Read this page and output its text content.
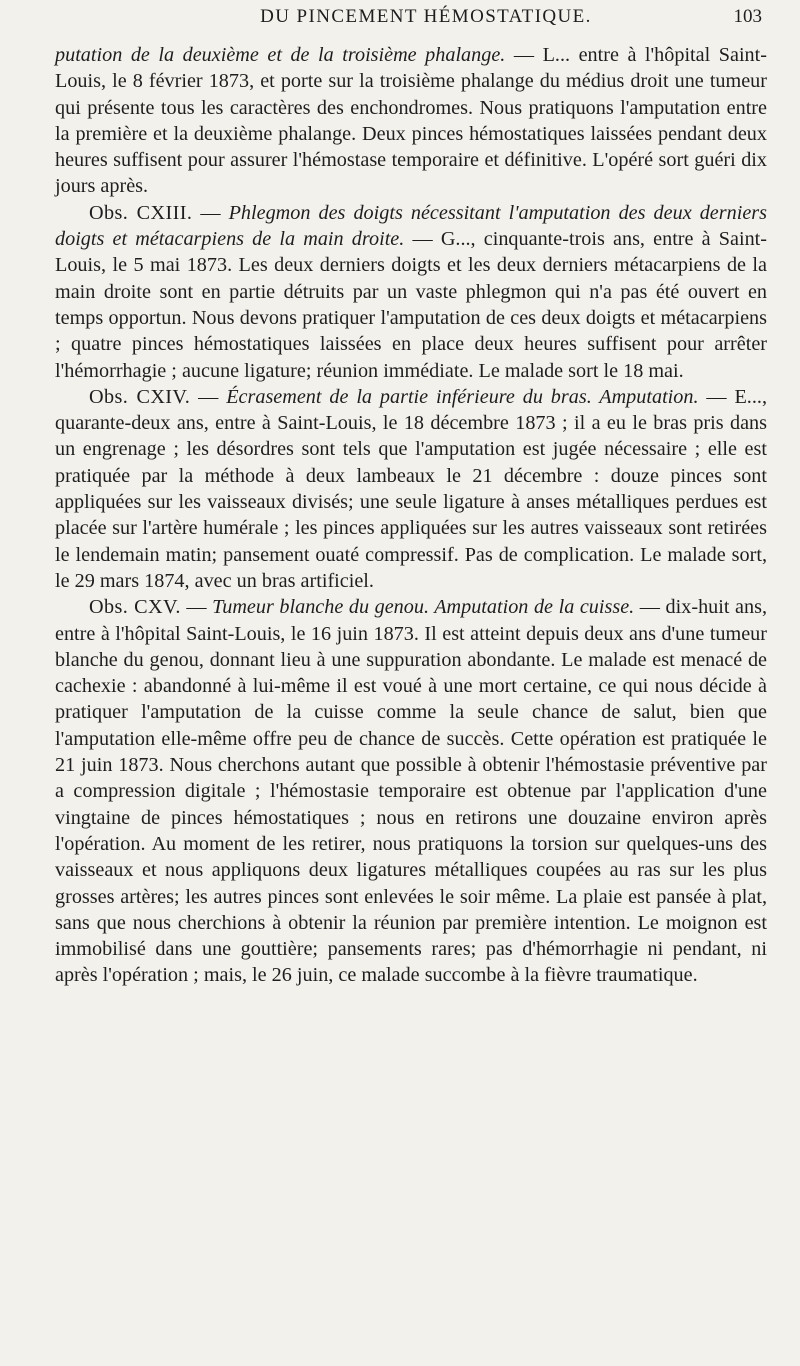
DU PINCEMENT HÉMOSTATIQUE.	103

putation de la deuxième et de la troisième phalange. — L... entre à l'hôpital Saint-Louis, le 8 février 1873, et porte sur la troisième phalange du médius droit une tumeur qui présente tous les caractères des enchondromes. Nous pratiquons l'amputation entre la première et la deuxième phalange. Deux pinces hémostatiques laissées pendant deux heures suffisent pour assurer l'hémostase temporaire et définitive. L'opéré sort guéri dix jours après.

Obs. CXIII. — Phlegmon des doigts nécessitant l'amputation des deux derniers doigts et métacarpiens de la main droite. — G..., cinquante-trois ans, entre à Saint-Louis, le 5 mai 1873. Les deux derniers doigts et les deux derniers métacarpiens de la main droite sont en partie détruits par un vaste phlegmon qui n'a pas été ouvert en temps opportun. Nous devons pratiquer l'amputation de ces deux doigts et métacarpiens ; quatre pinces hémostatiques laissées en place deux heures suffisent pour arrêter l'hémorrhagie ; aucune ligature; réunion immédiate. Le malade sort le 18 mai.

Obs. CXIV. — Écrasement de la partie inférieure du bras. Amputation. — E..., quarante-deux ans, entre à Saint-Louis, le 18 décembre 1873 ; il a eu le bras pris dans un engrenage ; les désordres sont tels que l'amputation est jugée nécessaire ; elle est pratiquée par la méthode à deux lambeaux le 21 décembre : douze pinces sont appliquées sur les vaisseaux divisés; une seule ligature à anses métalliques perdues est placée sur l'artère humérale ; les pinces appliquées sur les autres vaisseaux sont retirées le lendemain matin; pansement ouaté compressif. Pas de complication. Le malade sort, le 29 mars 1874, avec un bras artificiel.

Obs. CXV. — Tumeur blanche du genou. Amputation de la cuisse. — dix-huit ans, entre à l'hôpital Saint-Louis, le 16 juin 1873. Il est atteint depuis deux ans d'une tumeur blanche du genou, donnant lieu à une suppuration abondante. Le malade est menacé de cachexie : abandonné à lui-même il est voué à une mort certaine, ce qui nous décide à pratiquer l'amputation de la cuisse comme la seule chance de salut, bien que l'amputation elle-même offre peu de chance de succès. Cette opération est pratiquée le 21 juin 1873. Nous cherchons autant que possible à obtenir l'hémostasie préventive par a compression digitale ; l'hémostasie temporaire est obtenue par l'application d'une vingtaine de pinces hémostatiques ; nous en retirons une douzaine environ après l'opération. Au moment de les retirer, nous pratiquons la torsion sur quelques-uns des vaisseaux et nous appliquons deux ligatures métalliques coupées au ras sur les plus grosses artères; les autres pinces sont enlevées le soir même. La plaie est pansée à plat, sans que nous cherchions à obtenir la réunion par première intention. Le moignon est immobilisé dans une gouttière; pansements rares; pas d'hémorrhagie ni pendant, ni après l'opération ; mais, le 26 juin, ce malade succombe à la fièvre traumatique.
